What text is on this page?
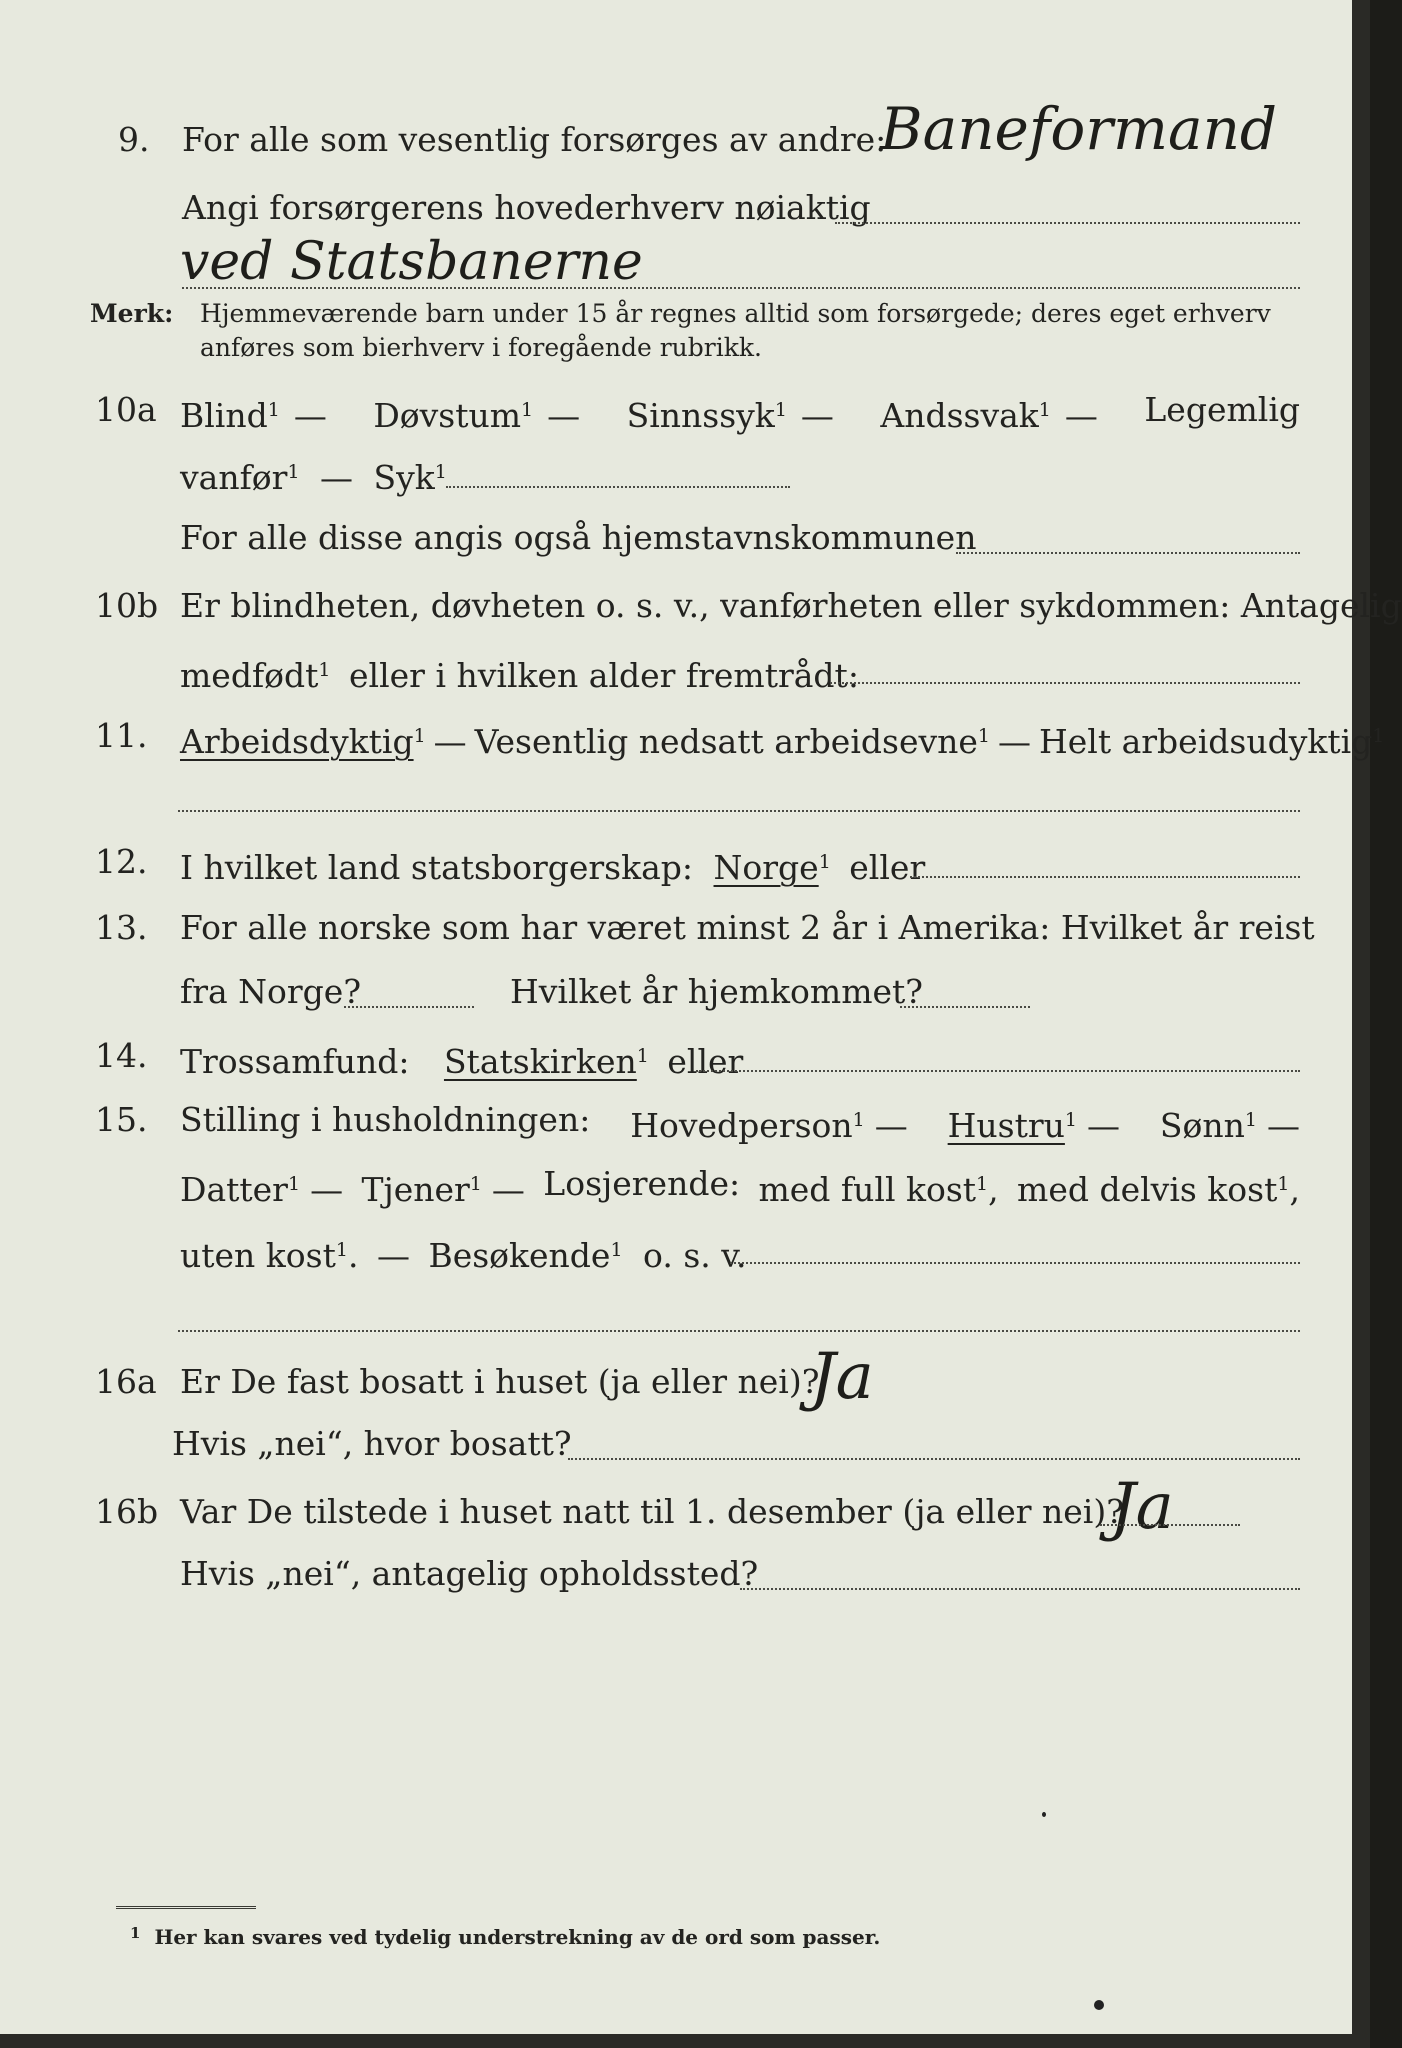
9. For alle som vesentlig forsørges av andre:
Baneformand
Angi forsørgerens hovederhverv nøiaktig
ved Statsbanerne
Merk: Hjemmeværende barn under 15 år regnes alltid som forsørgede; deres eget erhverv
anføres som bierhverv i foregående rubrikk.
10a Blind$^1$ — Døvstum$^1$ — Sinnssyk$^1$ — Andssvak$^1$ — Legemlig
vanfør$^1$ — Syk$^1$
For alle disse angis også hjemstavnskommunen
10b Er blindheten, døvheten o. s. v., vanførheten eller sykdommen: Antagelig
medfødt$^1$ eller i hvilken alder fremtrådt:
11. Arbeidsdyktig$^1$ — Vesentlig nedsatt arbeidsevne$^1$ — Helt arbeidsudyktig$^1$
12. I hvilket land statsborgerskap: Norge$^1$ eller
13. For alle norske som har været minst 2 år i Amerika: Hvilket år reist
fra Norge?	Hvilket år hjemkommet?
14. Trossamfund: Statskirken$^1$ eller
15. Stilling i husholdningen: Hovedperson$^1$ — Hustru$^1$ — Sønn$^1$ —
Datter$^1$ — Tjener$^1$ — Losjerende: med full kost$^1$, med delvis kost$^1$,
uten kost$^1$. — Besøkende$^1$ o. s. v.
16a Er De fast bosatt i huset (ja eller nei)?
Ja
Hvis „nei“, hvor bosatt?
16b Var De tilstede i huset natt til 1. desember (ja eller nei)?
Ja
Hvis „nei“, antagelig opholdssted?
$^1$ Her kan svares ved tydelig understrekning av de ord som passer.
